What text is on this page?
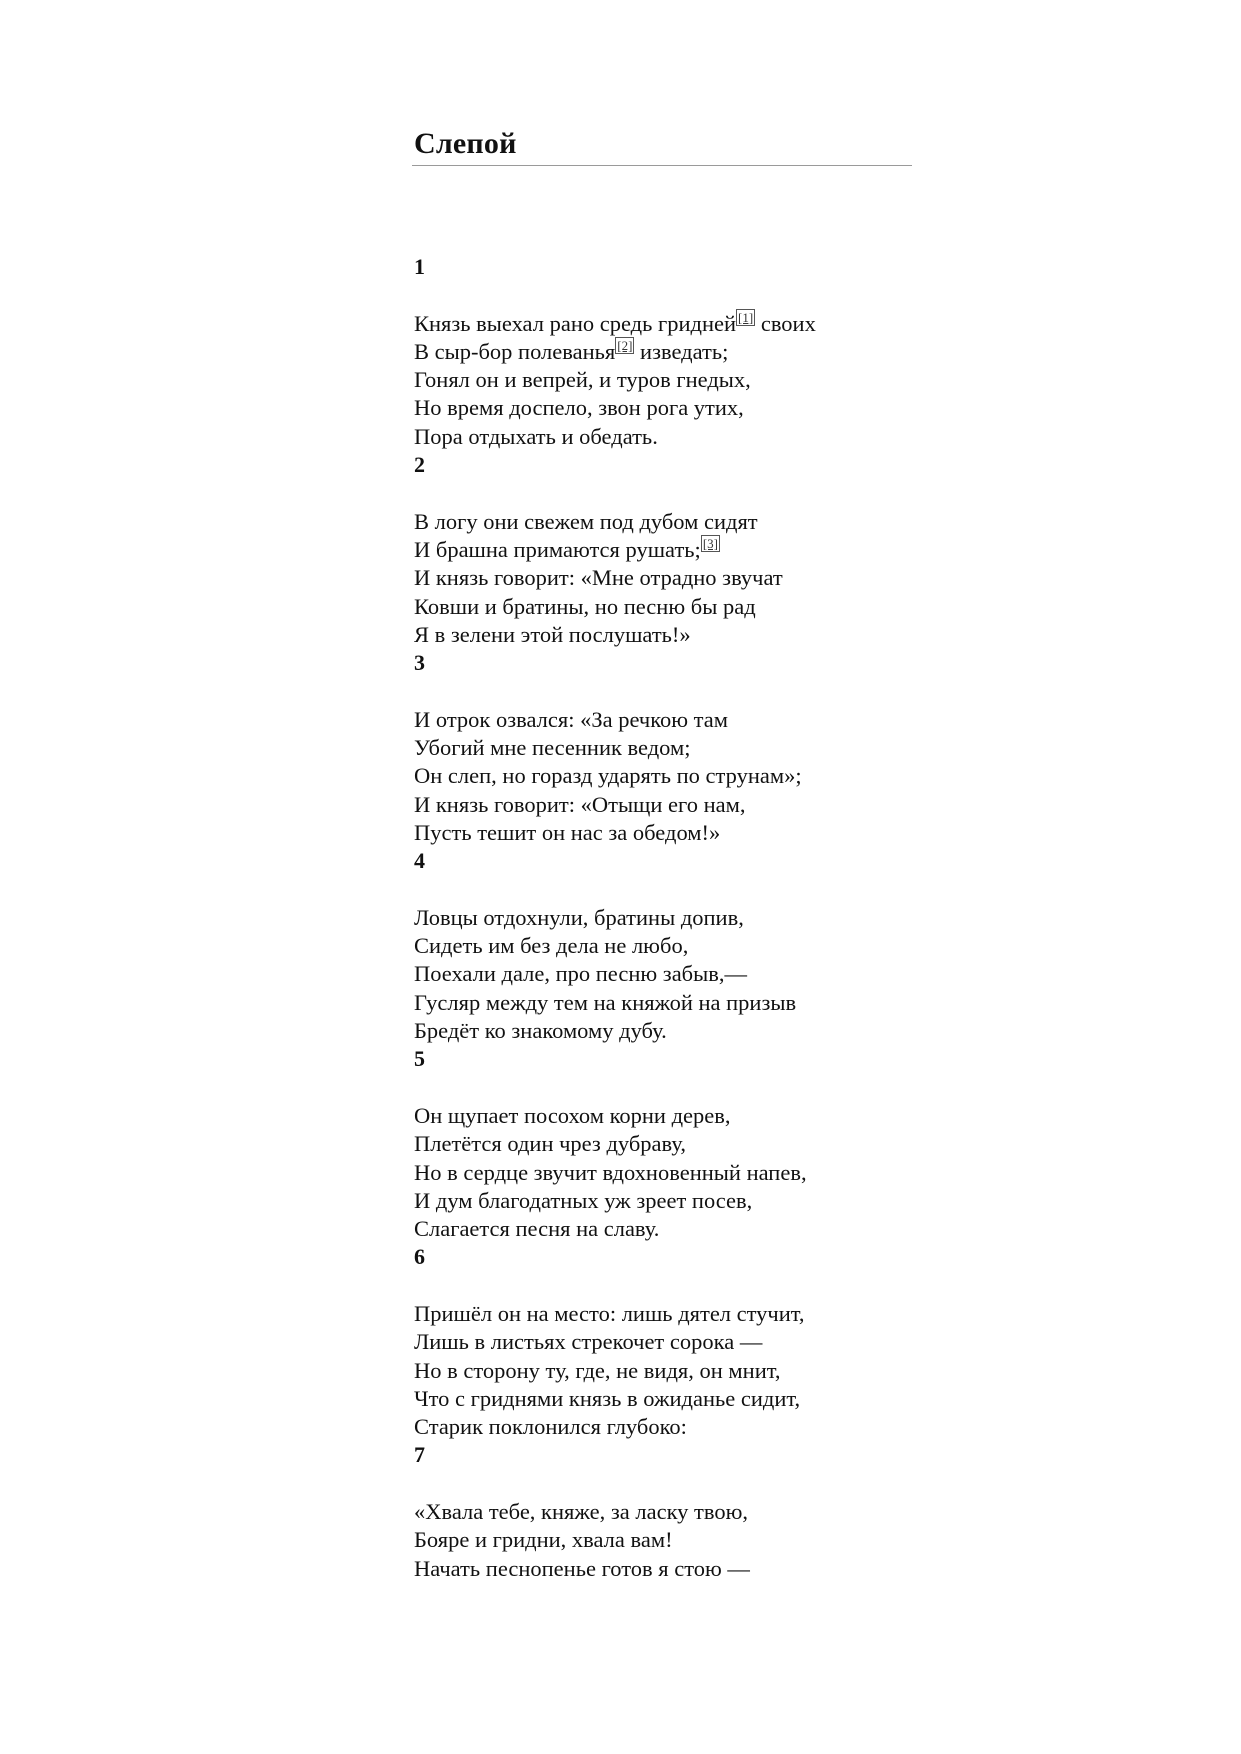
Слепой
1
Князь выехал рано средь гридней [1] своих
В сыр-бор полеванья [2] изведать;
Гонял он и вепрей, и туров гнедых,
Но время доспело, звон рога утих,
Пора отдыхать и обедать.
2
В логу они свежем под дубом сидят
И брашна примаются рушать; [3]
И князь говорит: «Мне отрадно звучат
Ковши и братины, но песню бы рад
Я в зелени этой послушать!»
3
И отрок озвался: «За речкою там
Убогий мне песенник ведом;
Он слеп, но горазд ударять по струнам»;
И князь говорит: «Отыщи его нам,
Пусть тешит он нас за обедом!»
4
Ловцы отдохнули, братины допив,
Сидеть им без дела не любо,
Поехали дале, про песню забыв,—
Гусляр между тем на княжой на призыв
Бредёт ко знакомому дубу.
5
Он щупает посохом корни дерев,
Плетётся один чрез дубраву,
Но в сердце звучит вдохновенный напев,
И дум благодатных уж зреет посев,
Слагается песня на славу.
6
Пришёл он на место: лишь дятел стучит,
Лишь в листьях стрекочет сорока —
Но в сторону ту, где, не видя, он мнит,
Что с гриднями князь в ожиданье сидит,
Старик поклонился глубоко:
7
«Хвала тебе, княже, за ласку твою,
Бояре и гридни, хвала вам!
Начать песнопенье готов я стою —
